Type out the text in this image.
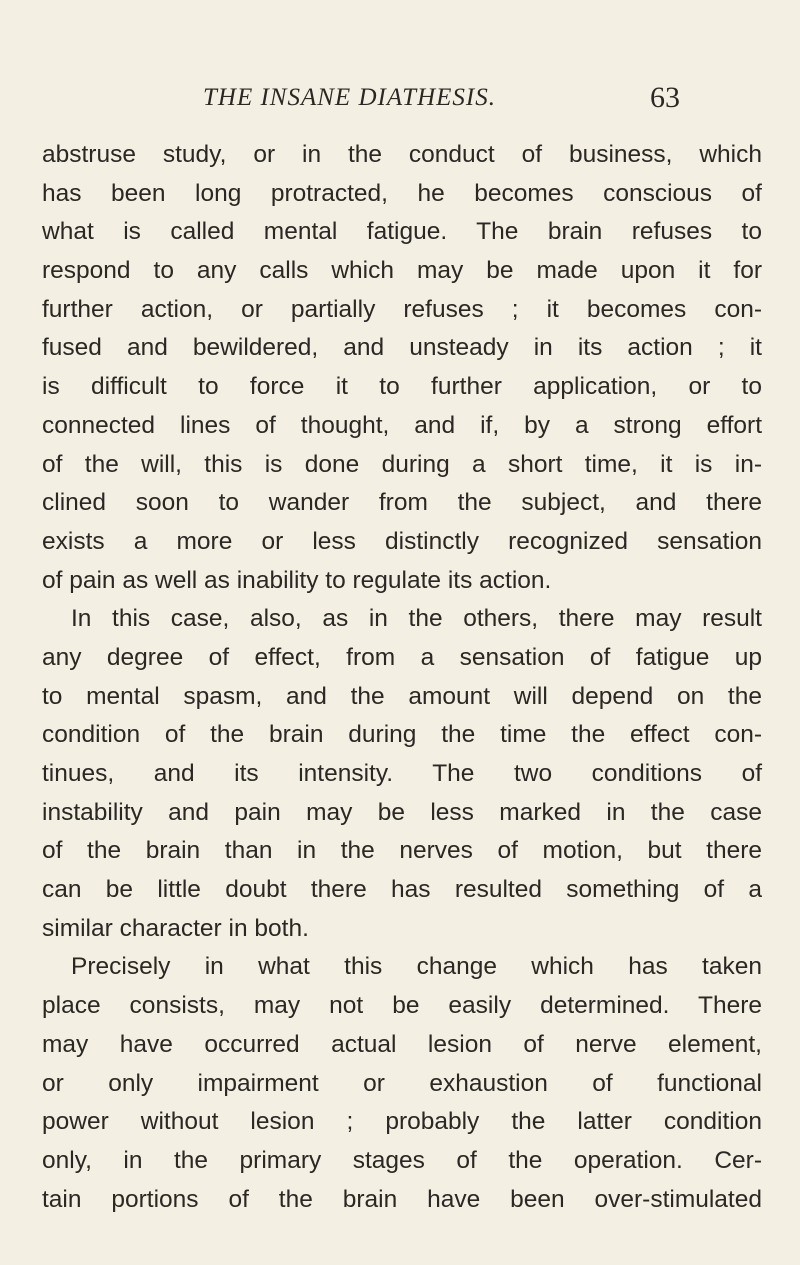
THE INSANE DIATHESIS.	63
abstruse study, or in the conduct of business, which
has been long protracted, he becomes conscious of
what is called mental fatigue. The brain refuses to
respond to any calls which may be made upon it for
further action, or partially refuses ; it becomes con-
fused and bewildered, and unsteady in its action ; it
is difficult to force it to further application, or to
connected lines of thought, and if, by a strong effort
of the will, this is done during a short time, it is in-
clined soon to wander from the subject, and there
exists a more or less distinctly recognized sensation
of pain as well as inability to regulate its action.
In this case, also, as in the others, there may result
any degree of effect, from a sensation of fatigue up
to mental spasm, and the amount will depend on the
condition of the brain during the time the effect con-
tinues, and its intensity. The two conditions of
instability and pain may be less marked in the case
of the brain than in the nerves of motion, but there
can be little doubt there has resulted something of a
similar character in both.
Precisely in what this change which has taken
place consists, may not be easily determined. There
may have occurred actual lesion of nerve element,
or only impairment or exhaustion of functional
power without lesion ; probably the latter condition
only, in the primary stages of the operation. Cer-
tain portions of the brain have been over-stimulated
